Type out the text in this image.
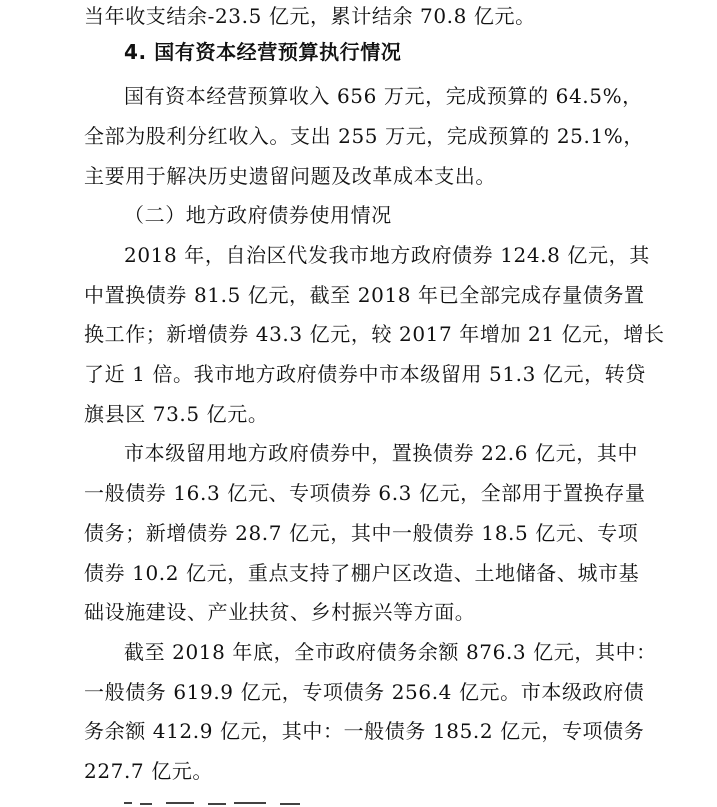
当年收支结余-23.5 亿元，累计结余 70.8 亿元。
4. 国有资本经营预算执行情况
国有资本经营预算收入 656 万元，完成预算的 64.5%，
全部为股利分红收入。支出 255 万元，完成预算的 25.1%，
主要用于解决历史遗留问题及改革成本支出。
（二）地方政府债券使用情况
2018 年，自治区代发我市地方政府债券 124.8 亿元，其
中置换债券 81.5 亿元，截至 2018 年已全部完成存量债务置
换工作；新增债券 43.3 亿元，较 2017 年增加 21 亿元，增长
了近 1 倍。我市地方政府债券中市本级留用 51.3 亿元，转贷
旗县区 73.5 亿元。
市本级留用地方政府债券中，置换债券 22.6 亿元，其中
一般债券 16.3 亿元、专项债券 6.3 亿元，全部用于置换存量
债务；新增债券 28.7 亿元，其中一般债券 18.5 亿元、专项
债券 10.2 亿元，重点支持了棚户区改造、土地储备、城市基
础设施建设、产业扶贫、乡村振兴等方面。
截至 2018 年底，全市政府债务余额 876.3 亿元，其中：
一般债务 619.9 亿元，专项债务 256.4 亿元。市本级政府债
务余额 412.9 亿元，其中：一般债务 185.2 亿元，专项债务
227.7 亿元。
